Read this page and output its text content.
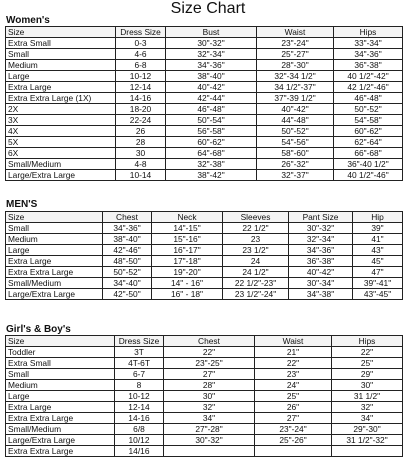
Size Chart
Women's
Size	Dress Size	Bust	Waist	Hips
Extra Small	0-3	30"-32"	23"-24"	33"-34"
Small	4-6	32"-34"	25"-27"	34"-36"
Medium	6-8	34"-36"	28"-30"	36"-38"
Large	10-12	38"-40"	32"-34 1/2"	40 1/2"-42"
Extra Large	12-14	40"-42"	34 1/2"-37"	42 1/2"-46"
Extra Extra Large (1X)	14-16	42"-44"	37"-39 1/2"	46"-48"
2X	18-20	46"-48"	40"-42"	50"-52"
3X	22-24	50"-54"	44"-48"	54"-58"
4X	26	56"-58"	50"-52"	60"-62"
5X	28	60"-62"	54"-56"	62"-64"
6X	30	64"-68"	58"-60"	66"-68"
Small/Medium	4-8	32"-38"	26"-32"	36"-40 1/2"
Large/Extra Large	10-14	38"-42"	32"-37"	40 1/2"-46"
MEN'S
Size	Chest	Neck	Sleeves	Pant Size	Hip
Small	34"-36"	14"-15"	22 1/2"	30"-32"	39"
Medium	38"-40"	15"-16"	23	32"-34"	41"
Large	42"-46"	16"-17"	23 1/2"	34"-36"	43"
Extra Large	48"-50"	17"-18"	24	36"-38"	45"
Extra Extra Large	50"-52"	19"-20"	24 1/2"	40"-42"	47"
Small/Medium	34"-40"	14" - 16"	22 1/2"-23"	30"-34"	39"-41"
Large/Extra Large	42"-50"	16" - 18"	23 1/2"-24"	34"-38"	43"-45"
Girl's & Boy's
Size	Dress Size	Chest	Waist	Hips
Toddler	3T	22"	21"	22"
Extra Small	4T-6T	23"-25"	22"	25"
Small	6-7	27"	23"	29"
Medium	8	28"	24"	30"
Large	10-12	30"	25"	31 1/2"
Extra Large	12-14	32"	26"	32"
Extra Extra Large	14-16	34"	27"	34"
Small/Medium	6/8	27"-28"	23"-24"	29"-30"
Large/Extra Large	10/12	30"-32"	25"-26"	31 1/2"-32"
Extra Extra Large	14/16			
